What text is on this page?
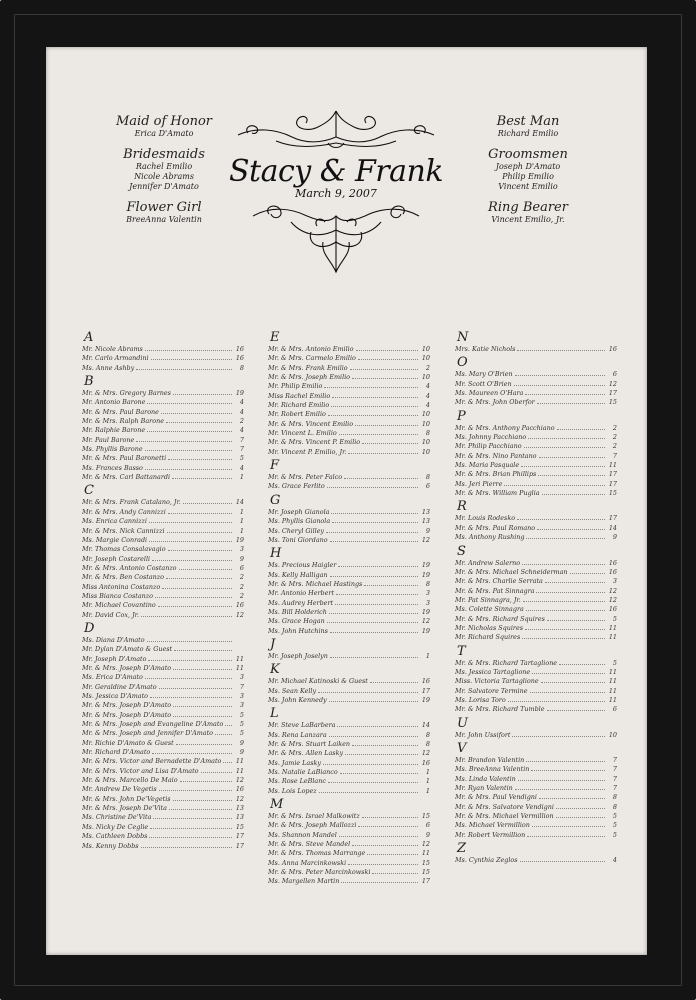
Maid of Honor
Erica D'Amato
Bridesmaids
Rachel Emilio
Nicole Abrams
Jennifer D'Amato
Flower Girl
BreeAnna Valentin
Best Man
Richard Emilio
Groomsmen
Joseph D'Amato
Philip Emilio
Vincent Emilio
Ring Bearer
Vincent Emilio, Jr.
Stacy & Frank
March 9, 2007
A
Mr. Nicole Abrams	16
Mr. Carlo Armandini	16
Ms. Anne Ashby	8
B
Mr. & Mrs. Gregory Barnes	19
Mr. Antonio Barone	4
Mr. & Mrs. Paul Barone	4
Mr. & Mrs. Ralph Barone	2
Mr. Ralphie Barone	4
Mr. Paul Barone	7
Ms. Phyllis Barone	7
Mr. & Mrs. Paul Baronetti	5
Ms. Frances Basso	4
Mr. & Mrs. Carl Battanardi	1
C
Mr. & Mrs. Frank Catalano, Jr.	14
Mr. & Mrs. Andy Cannizzi	1
Ms. Enrica Cannizzi	1
Mr. & Mrs. Nick Cannizzi	1
Ms. Margie Conradi	19
Mr. Thomas Consalavagio	3
Mr. Joseph Costarelli	9
Mr. & Mrs. Antonio Costanzo	6
Mr. & Mrs. Ben Costanzo	2
Miss Antonina Costanzo	2
Miss Bianca Costanzo	2
Mr. Michael Covantino	16
Mr. David Cox, Jr.	12
D
Ms. Diana D'Amato
Mr. Dylan D'Amato & Guest
Mr. Joseph D'Amato	11
Mr. & Mrs. Joseph D'Amato	11
Ms. Erica D'Amato	3
Mr. Geraldine D'Amato	7
Ms. Jessica D'Amato	3
Mr. & Mrs. Joseph D'Amato	3
Mr. & Mrs. Joseph D'Amato	5
Mr. & Mrs. Joseph and Evangeline D'Amato	5
Mr. & Mrs. Joseph and Jennifer D'Amato	5
Mr. Richie D'Amato & Guest	9
Mr. Richard D'Amato	9
Mr. & Mrs. Victor and Bernadette D'Amato 11
Mr. & Mrs. Victor and Lisa D'Amato	11
Mr. & Mrs. Marcello De Maio	12
Mr. Andrew De Vegetis	16
Mr. & Mrs. John De'Vegetis	12
Mr. & Mrs. Joseph De'Vita	13
Ms. Christine De'Vita	13
Ms. Nicky De Ceglie	15
Ms. Cathleen Dobbs	17
Ms. Kenny Dobbs	17
E
Mr. & Mrs. Antonio Emilio	10
Mr. & Mrs. Carmelo Emilio	10
Mr. & Mrs. Frank Emilio	2
Mr. & Mrs. Joseph Emilio	10
Mr. Philip Emilio	4
Miss Rachel Emilio	4
Mr. Richard Emilio	4
Mr. Robert Emilio	10
Mr. & Mrs. Vincent Emilio	10
Mr. Vincent L. Emilio	8
Mr. & Mrs. Vincent P. Emilio	10
Mr. Vincent P. Emilio, Jr.	10
F
Mr. & Mrs. Peter Falco	8
Ms. Grace Ferlito	6
G
Mr. Joseph Gianola	13
Ms. Phyllis Gianola	13
Ms. Cheryl Gilley	9
Ms. Toni Giordano	12
H
Ms. Precious Haigler	19
Ms. Kelly Halligan	19
Mr. & Mrs. Michael Hastings	8
Mr. Antonio Herbert	3
Ms. Audrey Herbert	3
Ms. Bill Holderich	19
Ms. Grace Hogan	12
Ms. John Hutchins	19
J
Mr. Joseph Joselyn	1
K
Mr. Michael Katinoski & Guest	16
Ms. Sean Kelly	17
Ms. John Kennedy	19
L
Mr. Steve LaBarbera	14
Ms. Rena Lanzara	8
Mr. & Mrs. Stuart Laiken	8
Mr. & Mrs. Allen Lasky	12
Ms. Jamie Lasky	16
Ms. Natalie LaBianco	1
Ms. Rose LeBlanc	1
Ms. Lois Lopez	1
M
Mr. & Mrs. Israel Malkowitz	15
Mr. & Mrs. Joseph Mallozzi	6
Ms. Shannon Mandel	9
Mr. & Mrs. Steve Mandel	12
Mr. & Mrs. Thomas Marrange	11
Ms. Anna Marcinkowski	15
Mr. & Mrs. Peter Marcinkowski	15
Ms. Margellen Martin	17
N
Mrs. Katie Nichols	16
O
Ms. Mary O'Brien	6
Mr. Scott O'Brien	12
Ms. Maureen O'Hara	17
Mr. & Mrs. John Oberfor	15
P
Mr. & Mrs. Anthony Pacchiano	2
Ms. Johnny Pacchiano	2
Mr. Philip Pacchiano	2
Mr. & Mrs. Nino Pantano	7
Ms. Maria Pasquale	11
Mr. & Mrs. Brian Phillips	17
Ms. Jeri Pierre	17
Mr. & Mrs. William Puglia	15
R
Mr. Louis Rodesko	17
Mr. & Mrs. Paul Romano	14
Ms. Anthony Rushing	9
S
Mr. Andrew Salerno	16
Mr. & Mrs. Michael Schneiderman	16
Mr. & Mrs. Charlie Serrata	3
Mr. & Mrs. Pat Sinnagra	12
Mr. Pat Sinnagra, Jr.	12
Ms. Colette Sinnagra	16
Mr. & Mrs. Richard Squires	5
Mr. Nicholas Squires	11
Mr. Richard Squires	11
T
Mr. & Mrs. Richard Tartaglione	5
Ms. Jessica Tartaglione	11
Miss. Victoria Tartaglione	11
Mr. Salvatore Termine	11
Ms. Lorisa Toro	11
Mr. & Mrs. Richard Tumble	6
U
Mr. John Ussifort	10
V
Mr. Brandon Valentin	7
Ms. BreeAnna Valentin	7
Ms. Linda Valentin	7
Mr. Ryan Valentin	7
Mr. & Mrs. Paul Vendigni	8
Mr. & Mrs. Salvatore Vendigni	8
Mr. & Mrs. Michael Vermillion	5
Ms. Michael Vermillion	5
Mr. Robert Vermillion	5
Z
Ms. Cynthia Zeglos	4
